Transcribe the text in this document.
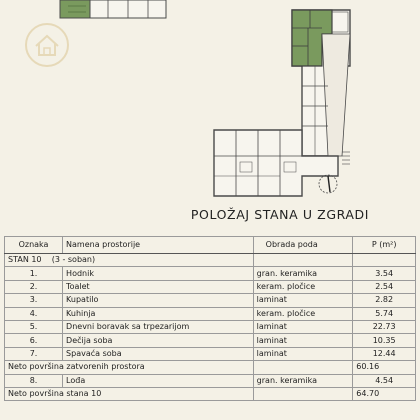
POLOŽAJ STANA U ZGRADI
Oznaka	Namena prostorije	Obrada poda	P (m²)
STAN 10 (3 - soban)			
1.	Hodnik	gran. keramika	3.54
2.	Toalet	keram. pločice	2.54
3.	Kupatilo	laminat	2.82
4.	Kuhinja	keram. pločice	5.74
5.	Dnevni boravak sa trpezarijom	laminat	22.73
6.	Dečija soba	laminat	10.35
7.	Spavaća soba	laminat	12.44
Neto površina zatvorenih prostora			60.16
8.	Lođa	gran. keramika	4.54
Neto površina stana 10			64.70
